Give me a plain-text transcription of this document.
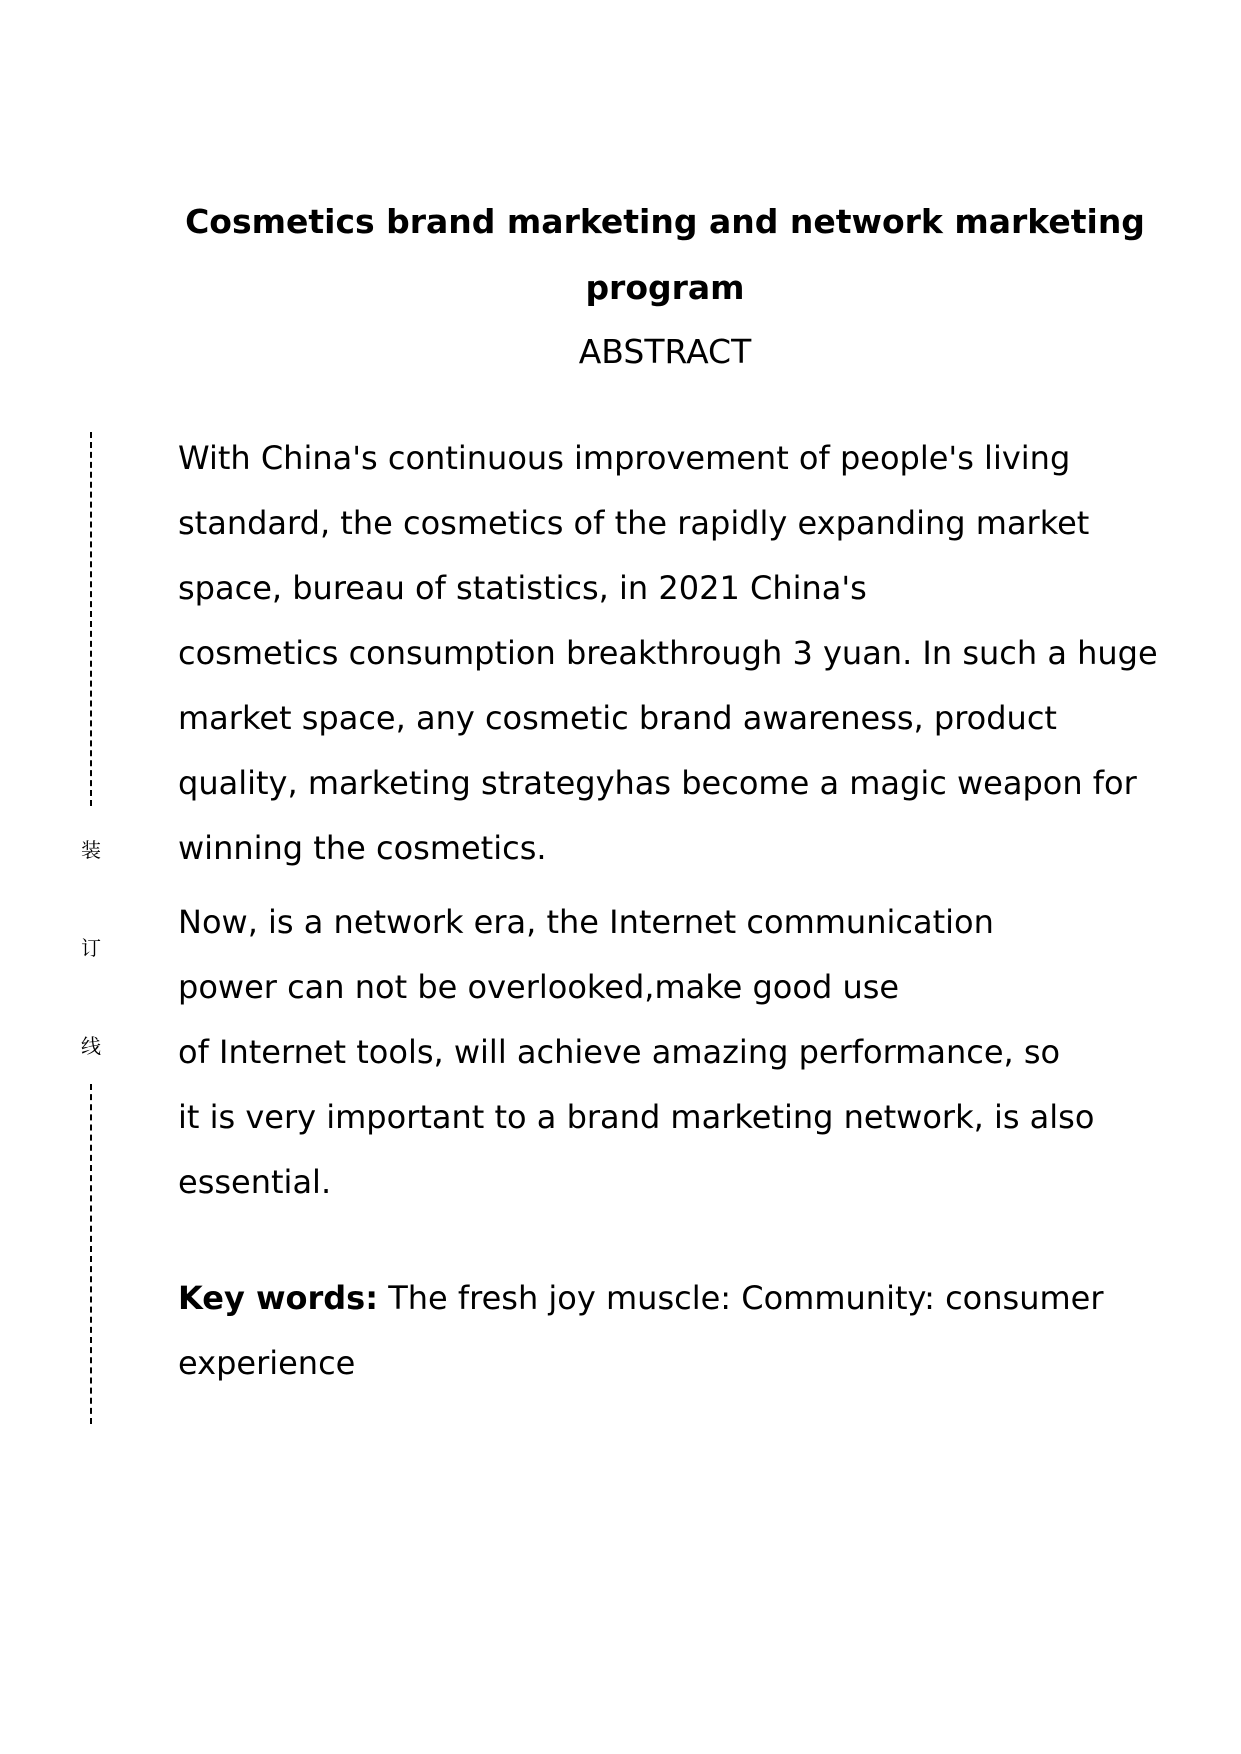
装

订

线

Cosmetics brand marketing and network marketing

program

ABSTRACT

With China's continuous improvement of people's living

standard, the cosmetics of the rapidly expanding market

space, bureau of statistics, in 2021 China's

cosmetics consumption breakthrough 3 yuan. In such a huge

market space, any cosmetic brand awareness, product

quality, marketing strategyhas become a magic weapon for

winning the cosmetics.

Now, is a network era, the Internet communication

power can not be overlooked,make good use

of Internet tools, will achieve amazing performance, so

it is very important to a brand marketing network, is also

essential.

Key words: The fresh joy muscle: Community: consumer

experience
